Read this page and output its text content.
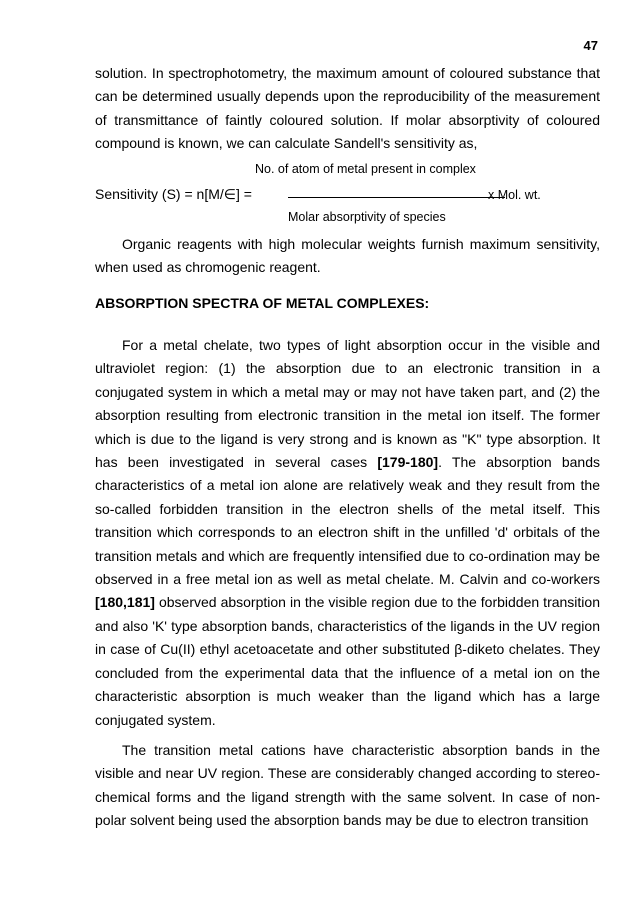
47
solution. In spectrophotometry, the maximum amount of coloured substance that can be determined usually depends upon the reproducibility of the measurement of transmittance of faintly coloured solution. If molar absorptivity of coloured compound is known, we can calculate Sandell's sensitivity as,
No. of atom of metal present in complex
Sensitivity (S) = n[M/∈] =	x Mol. wt.
Molar absorptivity of species
Organic reagents with high molecular weights furnish maximum sensitivity, when used as chromogenic reagent.
ABSORPTION SPECTRA OF METAL COMPLEXES:
For a metal chelate, two types of light absorption occur in the visible and ultraviolet region: (1) the absorption due to an electronic transition in a conjugated system in which a metal may or may not have taken part, and (2) the absorption resulting from electronic transition in the metal ion itself. The former which is due to the ligand is very strong and is known as "K" type absorption. It has been investigated in several cases [179-180]. The absorption bands characteristics of a metal ion alone are relatively weak and they result from the so-called forbidden transition in the electron shells of the metal itself. This transition which corresponds to an electron shift in the unfilled 'd' orbitals of the transition metals and which are frequently intensified due to co-ordination may be observed in a free metal ion as well as metal chelate. M. Calvin and co-workers [180,181] observed absorption in the visible region due to the forbidden transition and also 'K' type absorption bands, characteristics of the ligands in the UV region in case of Cu(II) ethyl acetoacetate and other substituted β-diketo chelates. They concluded from the experimental data that the influence of a metal ion on the characteristic absorption is much weaker than the ligand which has a large conjugated system.
The transition metal cations have characteristic absorption bands in the visible and near UV region. These are considerably changed according to stereo-chemical forms and the ligand strength with the same solvent. In case of non-polar solvent being used the absorption bands may be due to electron transition
